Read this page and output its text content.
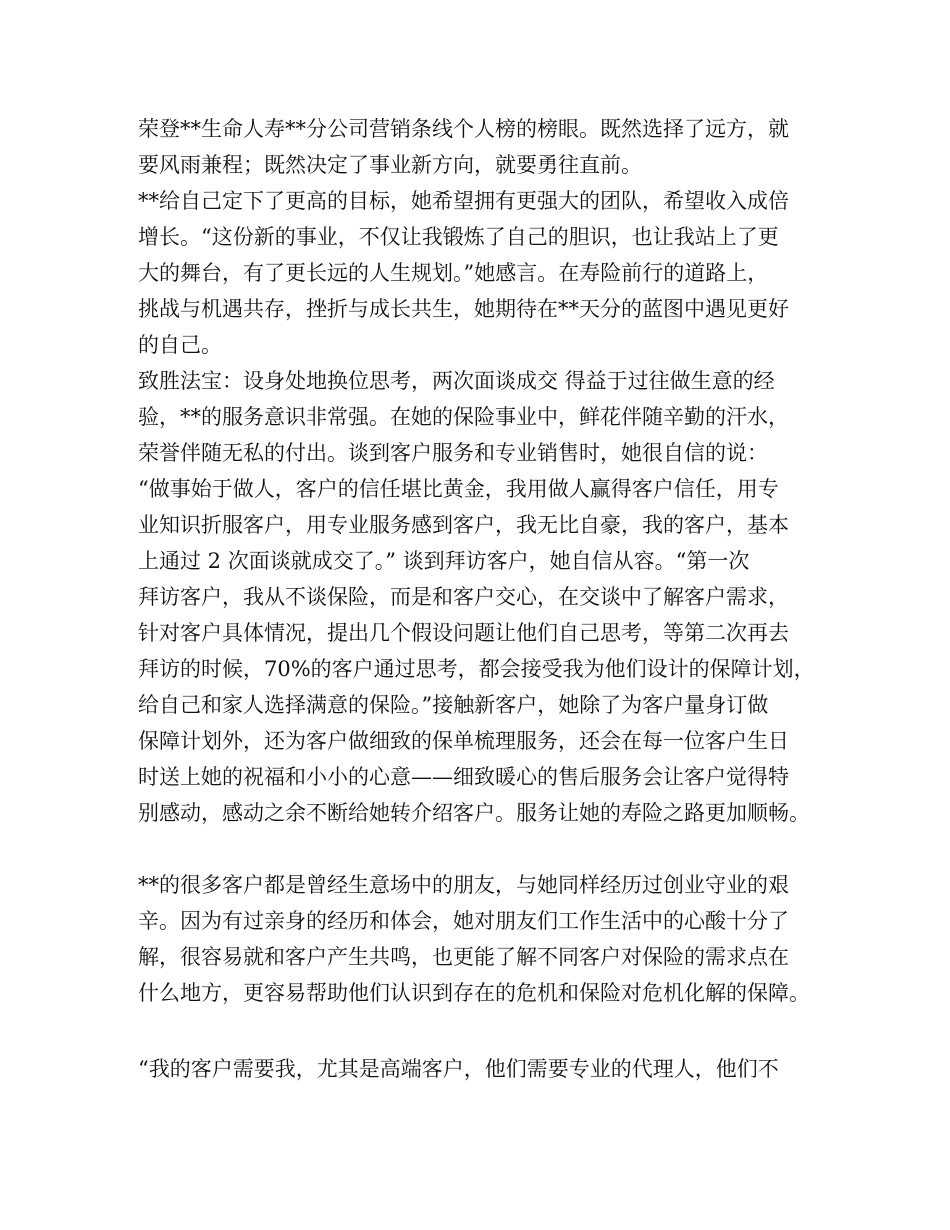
荣登**生命人寿**分公司营销条线个人榜的榜眼。既然选择了远方，就
要风雨兼程；既然决定了事业新方向，就要勇往直前。
**给自己定下了更高的目标，她希望拥有更强大的团队，希望收入成倍
增长。“这份新的事业，不仅让我锻炼了自己的胆识，也让我站上了更
大的舞台，有了更长远的人生规划。”她感言。在寿险前行的道路上，
挑战与机遇共存，挫折与成长共生，她期待在**天分的蓝图中遇见更好
的自己。
致胜法宝：设身处地换位思考，两次面谈成交 得益于过往做生意的经
验，**的服务意识非常强。在她的保险事业中，鲜花伴随辛勤的汗水，
荣誉伴随无私的付出。谈到客户服务和专业销售时，她很自信的说：
“做事始于做人，客户的信任堪比黄金，我用做人赢得客户信任，用专
业知识折服客户，用专业服务感到客户，我无比自豪，我的客户，基本
上通过 2 次面谈就成交了。” 谈到拜访客户，她自信从容。“第一次
拜访客户，我从不谈保险，而是和客户交心，在交谈中了解客户需求，
针对客户具体情况，提出几个假设问题让他们自己思考，等第二次再去
拜访的时候，70%的客户通过思考，都会接受我为他们设计的保障计划，
给自己和家人选择满意的保险。”接触新客户，她除了为客户量身订做
保障计划外，还为客户做细致的保单梳理服务，还会在每一位客户生日
时送上她的祝福和小小的心意——细致暖心的售后服务会让客户觉得特
别感动，感动之余不断给她转介绍客户。服务让她的寿险之路更加顺畅。
**的很多客户都是曾经生意场中的朋友，与她同样经历过创业守业的艰
辛。因为有过亲身的经历和体会，她对朋友们工作生活中的心酸十分了
解，很容易就和客户产生共鸣，也更能了解不同客户对保险的需求点在
什么地方，更容易帮助他们认识到存在的危机和保险对危机化解的保障。
“我的客户需要我，尤其是高端客户，他们需要专业的代理人，他们不
